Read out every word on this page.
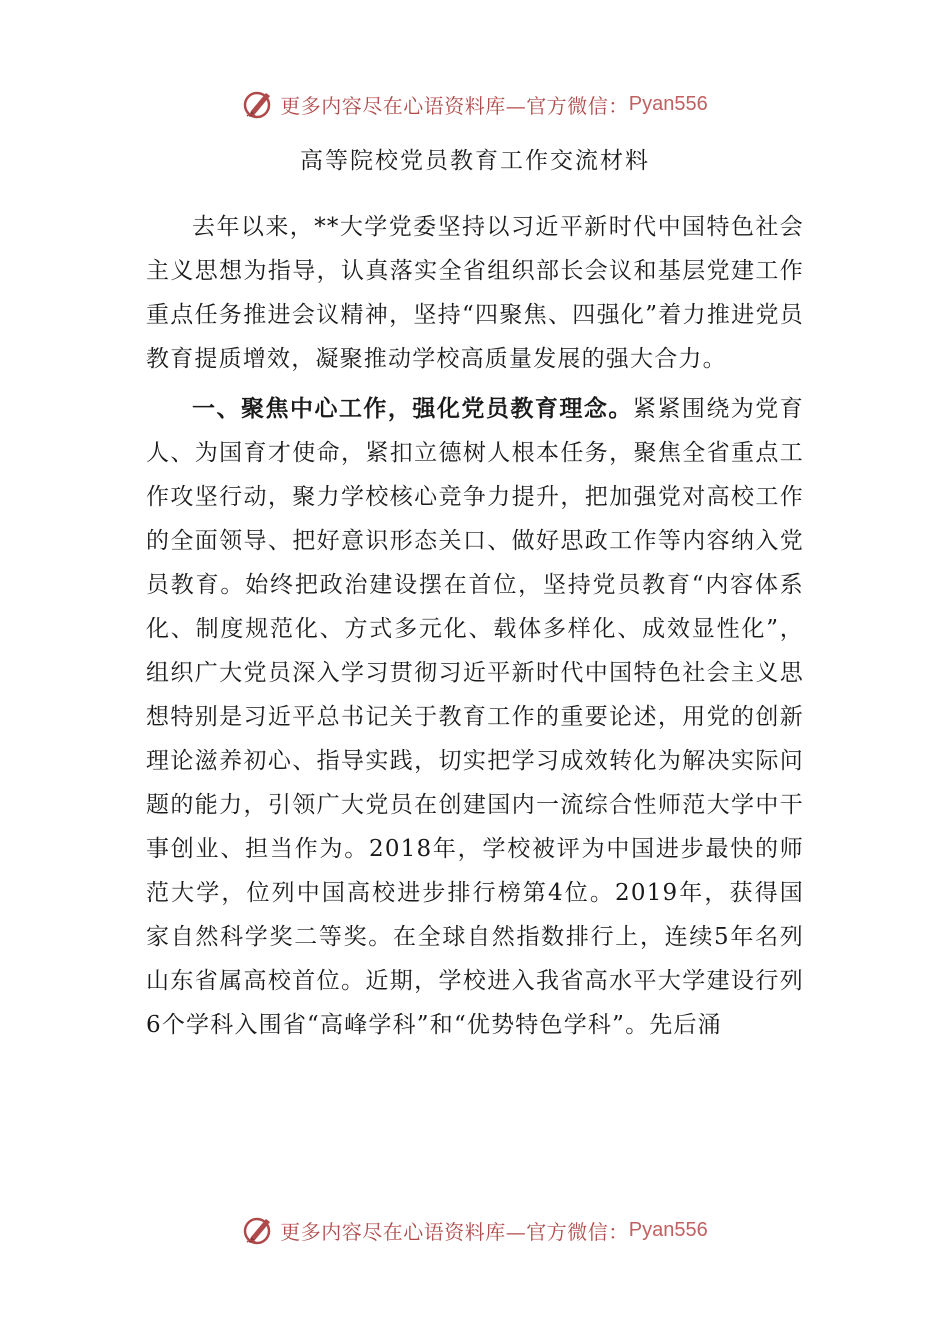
更多内容尽在心语资料库—官方微信： Pyan556
高等院校党员教育工作交流材料

去年以来，**大学党委坚持以习近平新时代中国特色社会主义思想为指导，认真落实全省组织部长会议和基层党建工作重点任务推进会议精神，坚持“四聚焦、四强化”着力推进党员教育提质增效，凝聚推动学校高质量发展的强大合力。

一、聚焦中心工作，强化党员教育理念。紧紧围绕为党育人、为国育才使命，紧扣立德树人根本任务，聚焦全省重点工作攻坚行动，聚力学校核心竞争力提升，把加强党对高校工作的全面领导、把好意识形态关口、做好思政工作等内容纳入党员教育。始终把政治建设摆在首位，坚持党员教育“内容体系化、制度规范化、方式多元化、载体多样化、成效显性化”，组织广大党员深入学习贯彻习近平新时代中国特色社会主义思想特别是习近平总书记关于教育工作的重要论述，用党的创新理论滋养初心、指导实践，切实把学习成效转化为解决实际问题的能力，引领广大党员在创建国内一流综合性师范大学中干事创业、担当作为。2018年，学校被评为中国进步最快的师范大学，位列中国高校进步排行榜第4位。2019年，获得国家自然科学奖二等奖。在全球自然指数排行上，连续5年名列山东省属高校首位。近期，学校进入我省高水平大学建设行列6个学科入围省“高峰学科”和“优势特色学科”。先后涌

更多内容尽在心语资料库—官方微信： Pyan556
